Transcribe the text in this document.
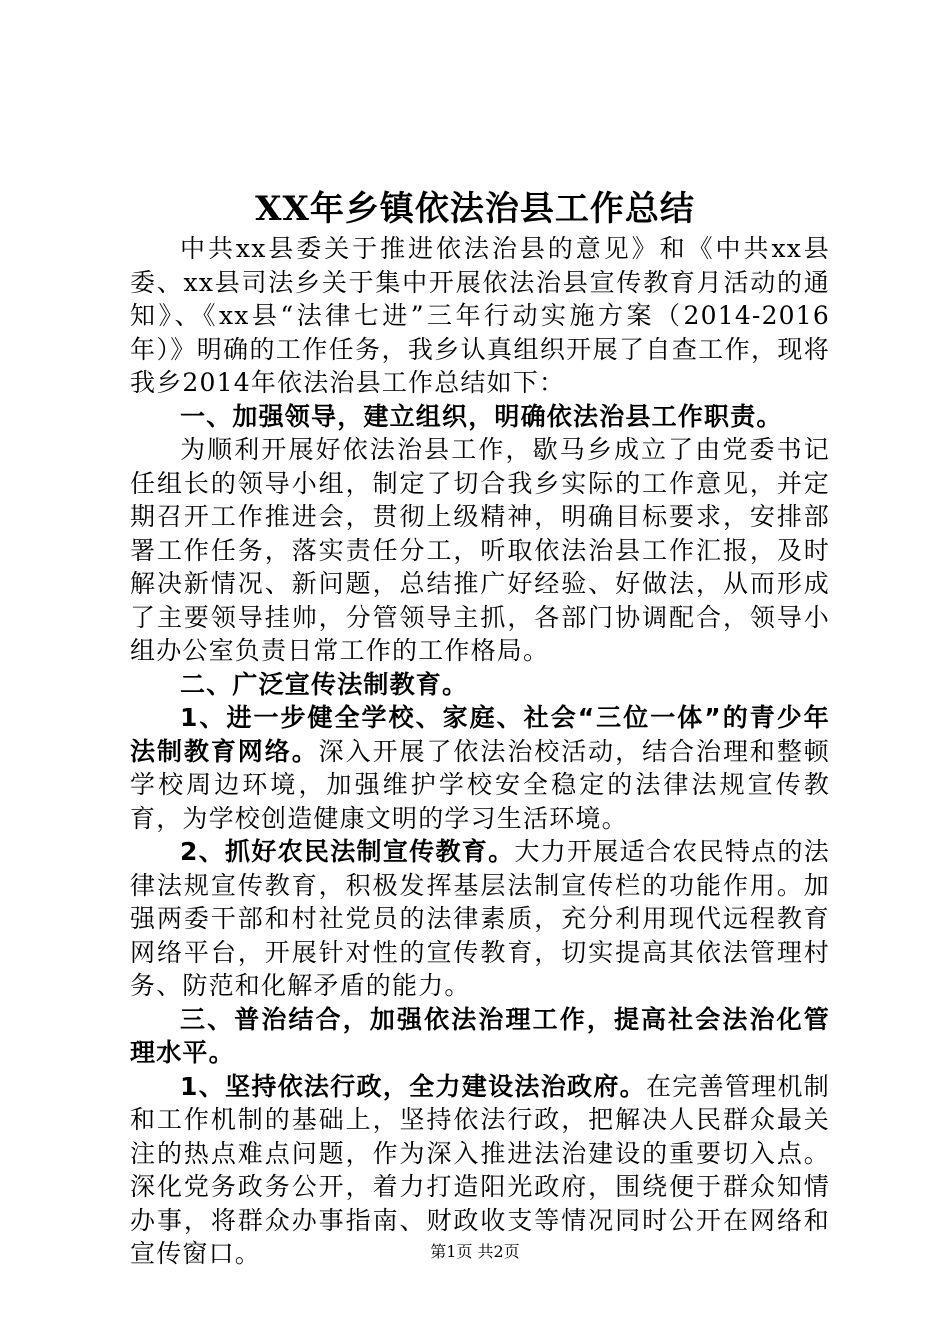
XX年乡镇依法治县工作总结

中共xx县委关于推进依法治县的意见》和《中共xx县委、xx县司法乡关于集中开展依法治县宣传教育月活动的通知》、《xx县“法律七进”三年行动实施方案（2014-2016年）》明确的工作任务，我乡认真组织开展了自查工作，现将我乡2014年依法治县工作总结如下：

一、加强领导，建立组织，明确依法治县工作职责。

为顺利开展好依法治县工作，歇马乡成立了由党委书记任组长的领导小组，制定了切合我乡实际的工作意见，并定期召开工作推进会，贯彻上级精神，明确目标要求，安排部署工作任务，落实责任分工，听取依法治县工作汇报，及时解决新情况、新问题，总结推广好经验、好做法，从而形成了主要领导挂帅，分管领导主抓，各部门协调配合，领导小组办公室负责日常工作的工作格局。

二、广泛宣传法制教育。

1、进一步健全学校、家庭、社会“三位一体”的青少年法制教育网络。深入开展了依法治校活动，结合治理和整顿学校周边环境，加强维护学校安全稳定的法律法规宣传教育，为学校创造健康文明的学习生活环境。

2、抓好农民法制宣传教育。大力开展适合农民特点的法律法规宣传教育，积极发挥基层法制宣传栏的功能作用。加强两委干部和村社党员的法律素质，充分利用现代远程教育网络平台，开展针对性的宣传教育，切实提高其依法管理村务、防范和化解矛盾的能力。

三、普治结合，加强依法治理工作，提高社会法治化管理水平。

1、坚持依法行政，全力建设法治政府。在完善管理机制和工作机制的基础上，坚持依法行政，把解决人民群众最关注的热点难点问题，作为深入推进法治建设的重要切入点。深化党务政务公开，着力打造阳光政府，围绕便于群众知情办事，将群众办事指南、财政收支等情况同时公开在网络和宣传窗口。	第1页 共2页
